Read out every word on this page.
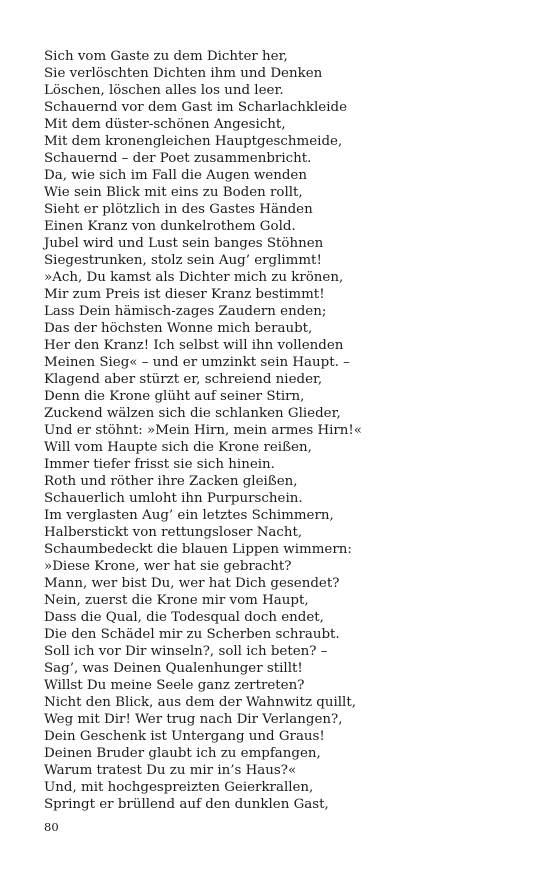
Sich vom Gaste zu dem Dichter her,
Sie verlöschten Dichten ihm und Denken
Löschen, löschen alles los und leer.
Schauernd vor dem Gast im Scharlachkleide
Mit dem düster-schönen Angesicht,
Mit dem kronengleichen Hauptgeschmeide,
Schauernd – der Poet zusammenbricht.
Da, wie sich im Fall die Augen wenden
Wie sein Blick mit eins zu Boden rollt,
Sieht er plötzlich in des Gastes Händen
Einen Kranz von dunkelrothem Gold.
Jubel wird und Lust sein banges Stöhnen
Siegestrunken, stolz sein Aug’ erglimmt!
»Ach, Du kamst als Dichter mich zu krönen,
Mir zum Preis ist dieser Kranz bestimmt!
Lass Dein hämisch-zages Zaudern enden;
Das der höchsten Wonne mich beraubt,
Her den Kranz! Ich selbst will ihn vollenden
Meinen Sieg« – und er umzinkt sein Haupt. –
Klagend aber stürzt er, schreiend nieder,
Denn die Krone glüht auf seiner Stirn,
Zuckend wälzen sich die schlanken Glieder,
Und er stöhnt: »Mein Hirn, mein armes Hirn!«
Will vom Haupte sich die Krone reißen,
Immer tiefer frisst sie sich hinein.
Roth und röther ihre Zacken gleißen,
Schauerlich umloht ihn Purpurschein.
Im verglasten Aug’ ein letztes Schimmern,
Halberstickt von rettungsloser Nacht,
Schaumbedeckt die blauen Lippen wimmern:
»Diese Krone, wer hat sie gebracht?
Mann, wer bist Du, wer hat Dich gesendet?
Nein, zuerst die Krone mir vom Haupt,
Dass die Qual, die Todesqual doch endet,
Die den Schädel mir zu Scherben schraubt.
Soll ich vor Dir winseln?, soll ich beten? –
Sag’, was Deinen Qualenhunger stillt!
Willst Du meine Seele ganz zertreten?
Nicht den Blick, aus dem der Wahnwitz quillt,
Weg mit Dir! Wer trug nach Dir Verlangen?,
Dein Geschenk ist Untergang und Graus!
Deinen Bruder glaubt ich zu empfangen,
Warum tratest Du zu mir in’s Haus?«
Und, mit hochgespreizten Geierkrallen,
Springt er brüllend auf den dunklen Gast,
80
